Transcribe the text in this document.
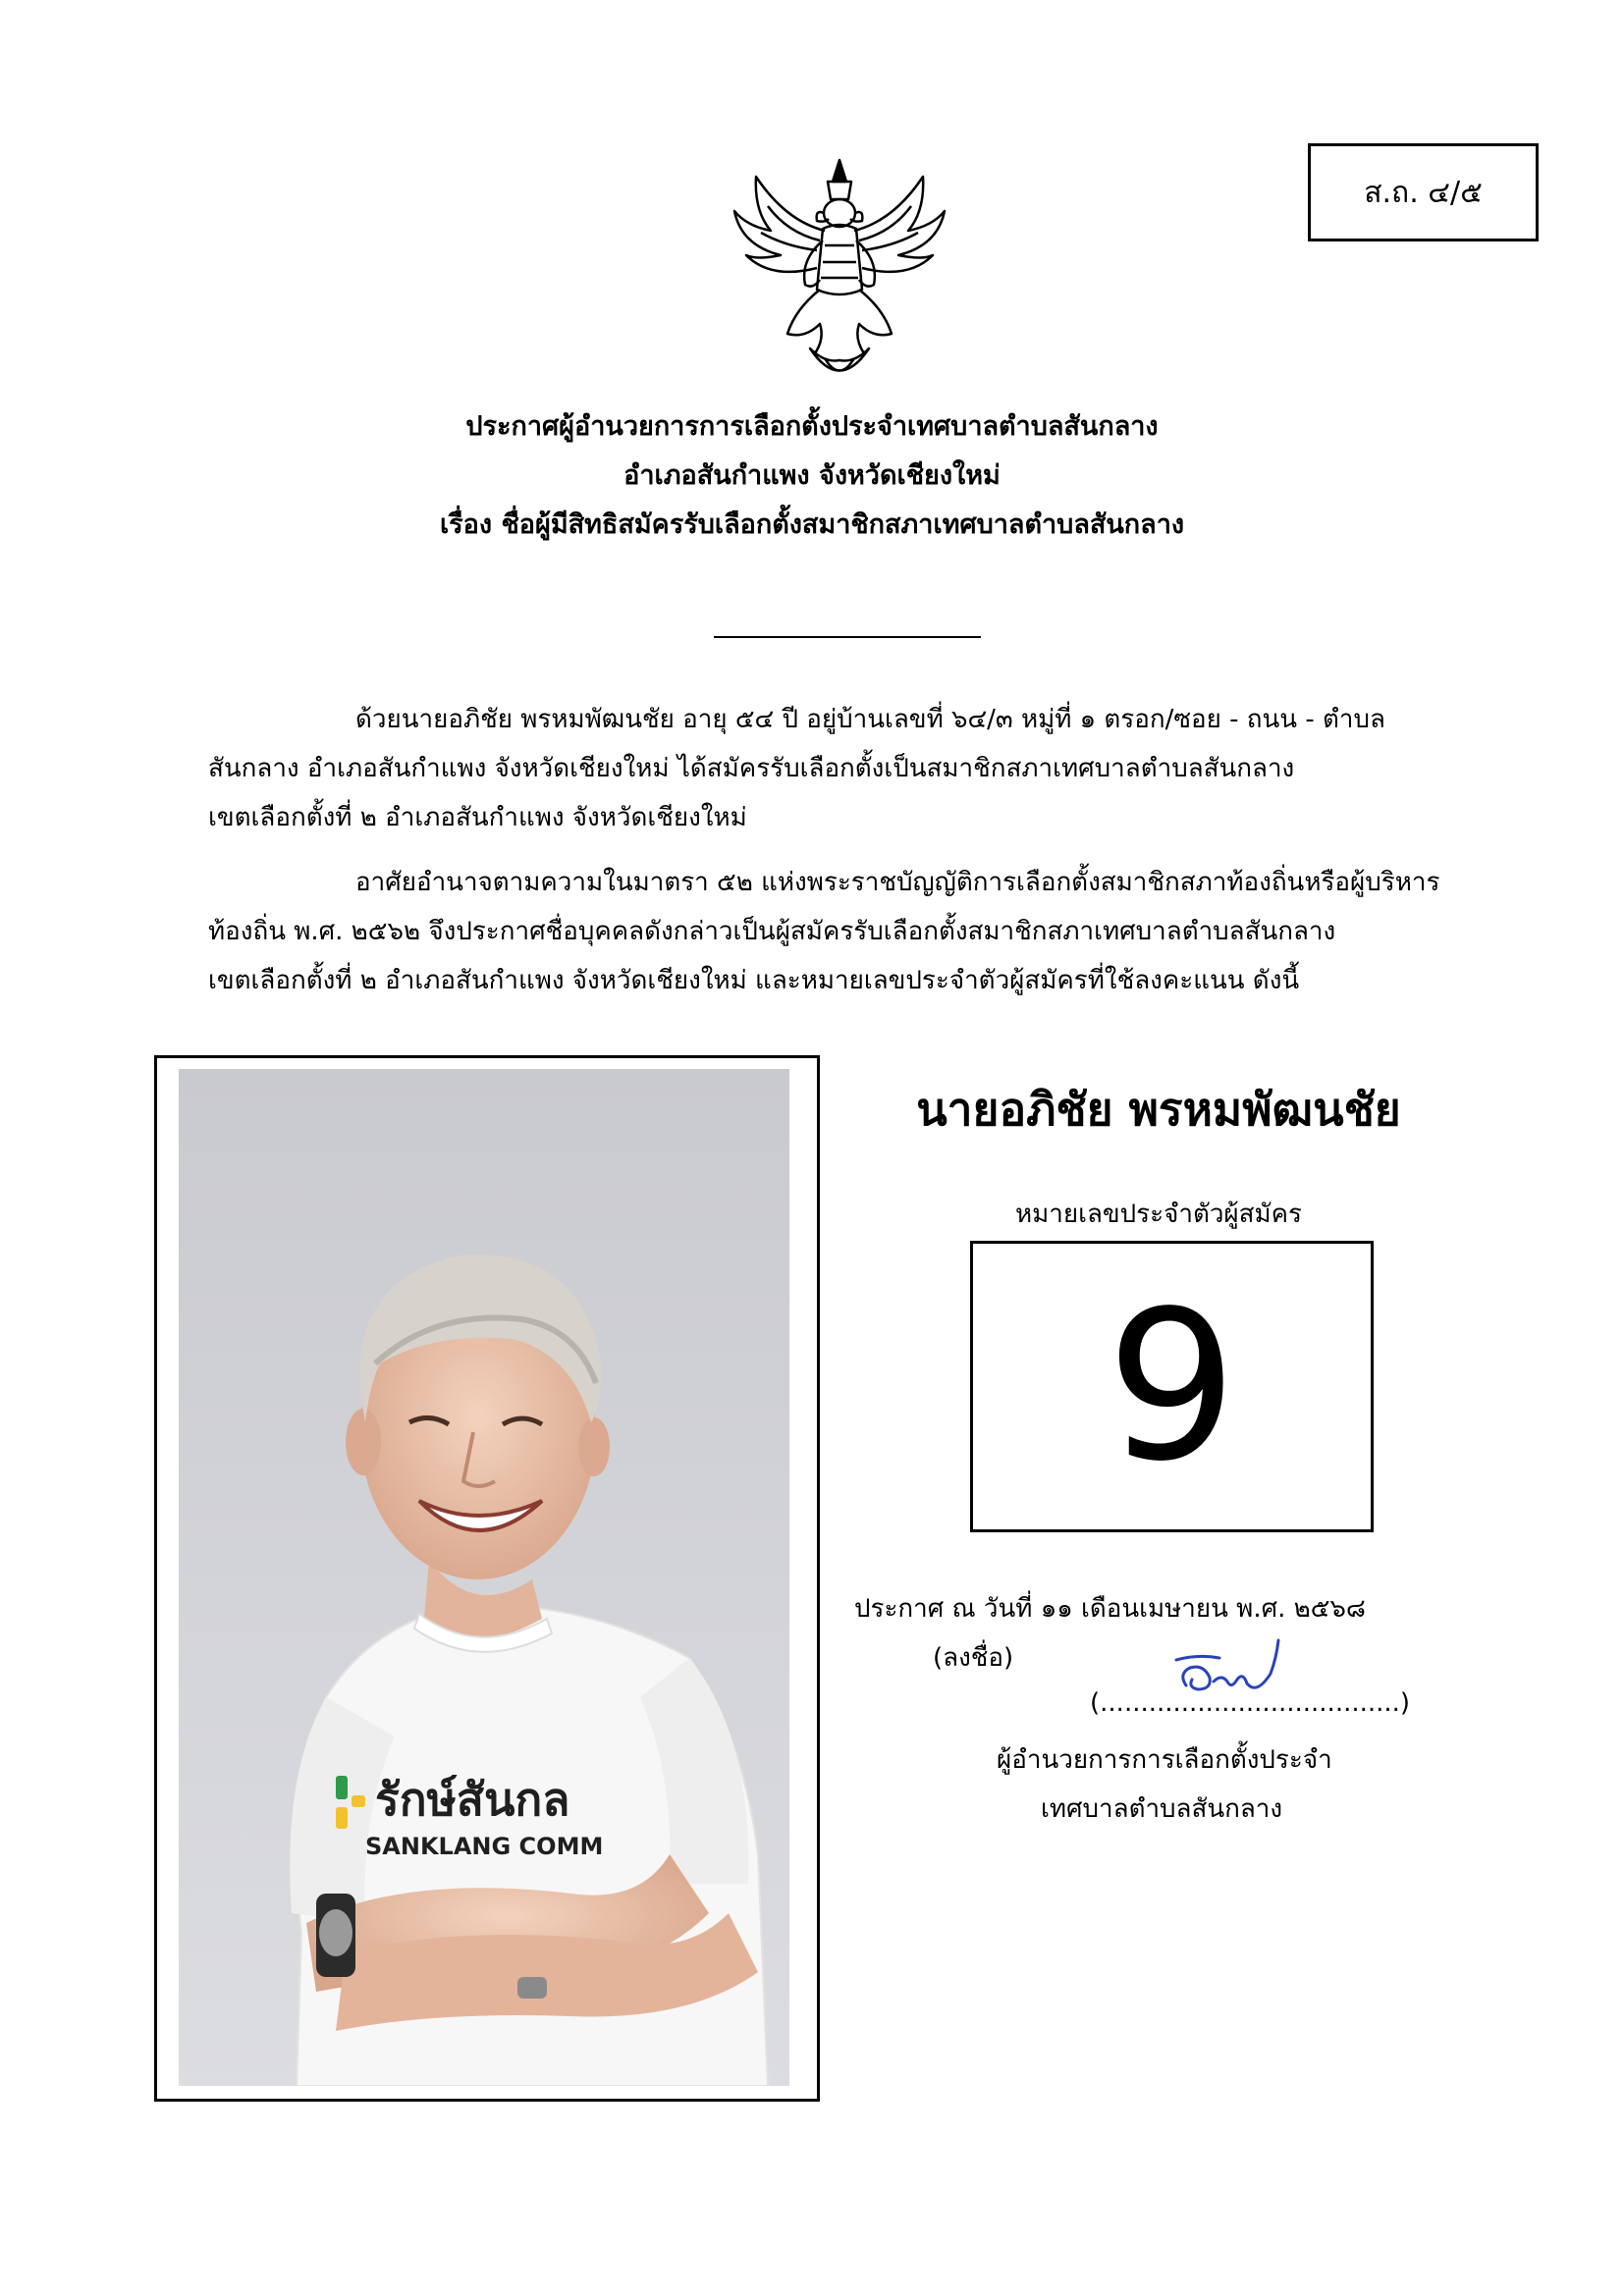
ส.ถ. ๔/๕
ประกาศผู้อำนวยการการเลือกตั้งประจำเทศบาลตำบลสันกลาง
อำเภอสันกำแพง จังหวัดเชียงใหม่
เรื่อง ชื่อผู้มีสิทธิสมัครรับเลือกตั้งสมาชิกสภาเทศบาลตำบลสันกลาง
ด้วยนายอภิชัย พรหมพัฒนชัย อายุ ๕๔ ปี อยู่บ้านเลขที่ ๖๔/๓ หมู่ที่ ๑ ตรอก/ซอย - ถนน - ตำบล
สันกลาง อำเภอสันกำแพง จังหวัดเชียงใหม่ ได้สมัครรับเลือกตั้งเป็นสมาชิกสภาเทศบาลตำบลสันกลาง
เขตเลือกตั้งที่ ๒ อำเภอสันกำแพง จังหวัดเชียงใหม่
อาศัยอำนาจตามความในมาตรา ๕๒ แห่งพระราชบัญญัติการเลือกตั้งสมาชิกสภาท้องถิ่นหรือผู้บริหาร
ท้องถิ่น พ.ศ. ๒๕๖๒ จึงประกาศชื่อบุคคลดังกล่าวเป็นผู้สมัครรับเลือกตั้งสมาชิกสภาเทศบาลตำบลสันกลาง
เขตเลือกตั้งที่ ๒ อำเภอสันกำแพง จังหวัดเชียงใหม่ และหมายเลขประจำตัวผู้สมัครที่ใช้ลงคะแนน ดังนี้
รักษ์สันกล
SANKLANG COMM
นายอภิชัย พรหมพัฒนชัย
หมายเลขประจำตัวผู้สมัคร
9
ประกาศ ณ วันที่ ๑๑ เดือนเมษายน พ.ศ. ๒๕๖๘
(ลงชื่อ)
(.....................................)
ผู้อำนวยการการเลือกตั้งประจำ
เทศบาลตำบลสันกลาง
